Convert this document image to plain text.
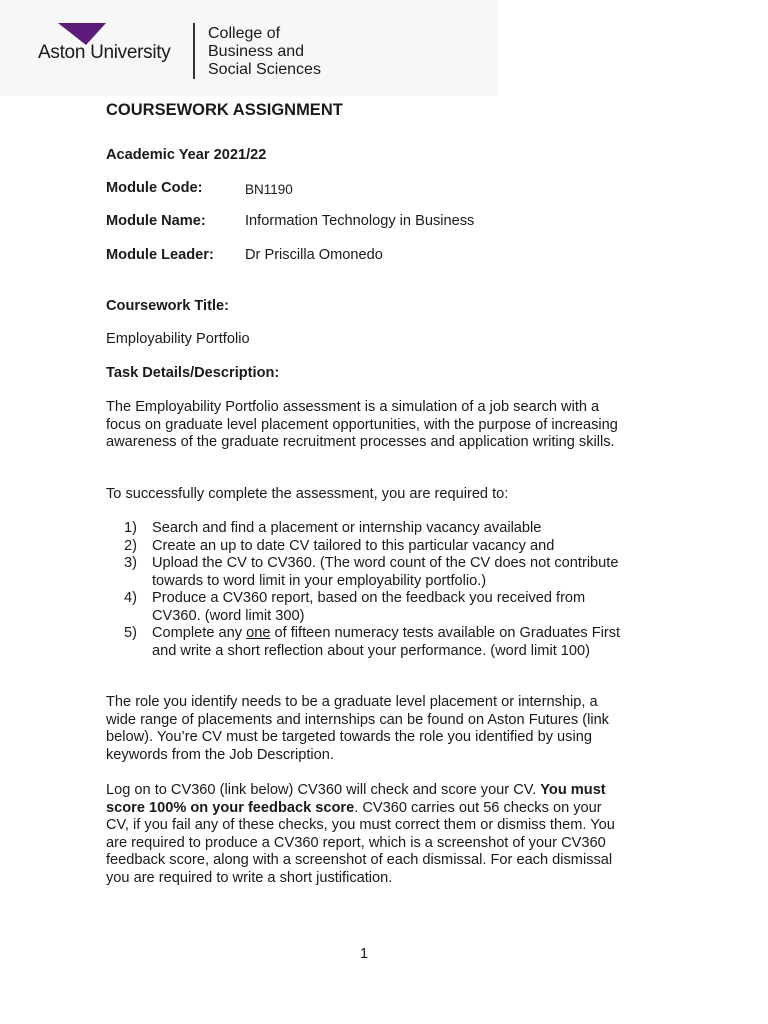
Aston University
College of
Business and
Social Sciences
COURSEWORK ASSIGNMENT
Academic Year 2021/22
Module Code:	BN1190
Module Name:	Information Technology in Business
Module Leader: Dr Priscilla Omonedo
Coursework Title:
Employability Portfolio
Task Details/Description:
The Employability Portfolio assessment is a simulation of a job search with a focus on graduate level placement opportunities, with the purpose of increasing awareness of the graduate recruitment processes and application writing skills.
To successfully complete the assessment, you are required to:
1) Search and find a placement or internship vacancy available
2) Create an up to date CV tailored to this particular vacancy and
3) Upload the CV to CV360. (The word count of the CV does not contribute towards to word limit in your employability portfolio.)
4) Produce a CV360 report, based on the feedback you received from CV360. (word limit 300)
5) Complete any one of fifteen numeracy tests available on Graduates First and write a short reflection about your performance. (word limit 100)
The role you identify needs to be a graduate level placement or internship, a wide range of placements and internships can be found on Aston Futures (link below). You’re CV must be targeted towards the role you identified by using keywords from the Job Description.
Log on to CV360 (link below) CV360 will check and score your CV. You must score 100% on your feedback score. CV360 carries out 56 checks on your CV, if you fail any of these checks, you must correct them or dismiss them. You are required to produce a CV360 report, which is a screenshot of your CV360 feedback score, along with a screenshot of each dismissal. For each dismissal you are required to write a short justification.
1
